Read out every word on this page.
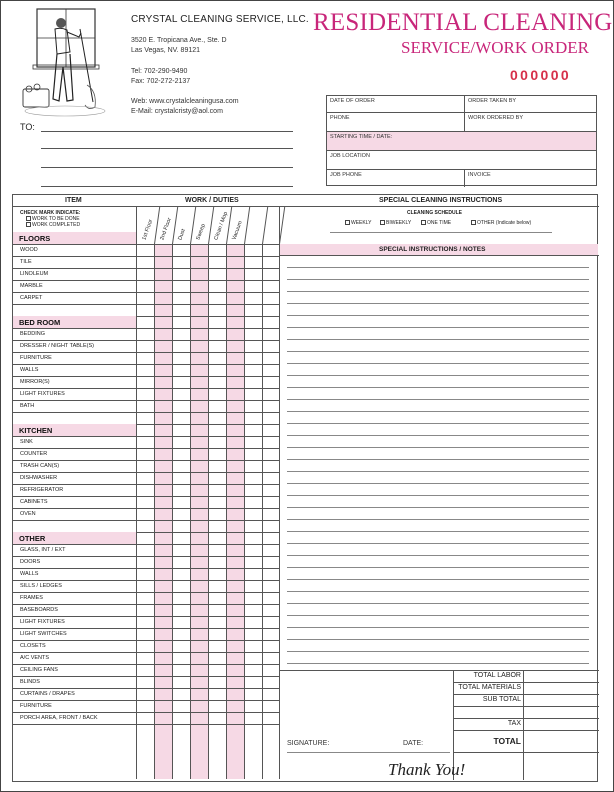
CRYSTAL CLEANING SERVICE, LLC.
3520 E. Tropicana Ave., Ste. D
Las Vegas, NV. 89121
Tel: 702-290-9490
Fax: 702-272-2137
Web: www.crystalcleaningusa.com
E-Mail: crystalcristy@aol.com
RESIDENTIAL CLEANING
SERVICE/WORK ORDER
000000
TO:
DATE OF ORDER	ORDER TAKEN BY
PHONE	WORK ORDERED BY
STARTING TIME / DATE:
JOB LOCATION
JOB PHONE	INVOICE
ITEM	WORK / DUTIES	SPECIAL CLEANING INSTRUCTIONS
CHECK MARK INDICATE:
WORK TO BE DONE
WORK COMPLETED	1st Floor 2nd Floor Dust Sweep Clean / Mop Vacuum
FLOORS
WOOD
TILE
LINOLEUM
MARBLE
CARPET
BED ROOM
BEDDING
DRESSER / NIGHT TABLE(S)
FURNITURE
WALLS
MIRROR(S)
LIGHT FIXTURES
BATH
KITCHEN
SINK
COUNTER
TRASH CAN(S)
DISHWASHER
REFRIGERATOR
CABINETS
OVEN
OTHER
GLASS, INT / EXT
DOORS
WALLS
SILLS / LEDGES
FRAMES
BASEBOARDS
LIGHT FIXTURES
LIGHT SWITCHES
CLOSETS
A/C VENTS
CEILING FANS
BLINDS
CURTAINS / DRAPES
FURNITURE
PORCH AREA, FRONT / BACK
CLEANING SCHEDULE
WEEKLY	BIWEEKLY	ONE TIME	OTHER (Indicate below)
SPECIAL INSTRUCTIONS / NOTES
TOTAL LABOR
TOTAL MATERIALS
SUB TOTAL
TAX
TOTAL
SIGNATURE:	DATE:
Thank You!
